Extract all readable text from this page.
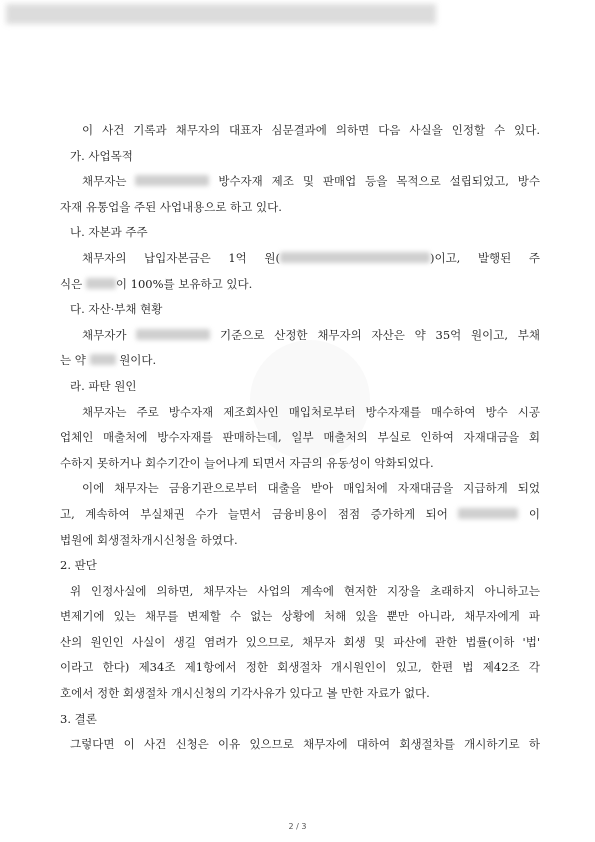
이 사건 기록과 채무자의 대표자 심문결과에 의하면 다음 사실을 인정할 수 있다.
가. 사업목적
채무자는	방수자재 제조 및 판매업 등을 목적으로 설립되었고, 방수
자재 유통업을 주된 사업내용으로 하고 있다.
나. 자본과 주주
채무자의 납입자본금은 1억 원(	)이고, 발행된 주
식은	이 100%를 보유하고 있다.
다. 자산·부채 현황
채무자가	기준으로 산정한 채무자의 자산은 약 35억 원이고, 부채
는 약	원이다.
라. 파탄 원인
채무자는 주로 방수자재 제조회사인 매입처로부터 방수자재를 매수하여 방수 시공
업체인 매출처에 방수자재를 판매하는데, 일부 매출처의 부실로 인하여 자재대금을 회
수하지 못하거나 회수기간이 늘어나게 되면서 자금의 유동성이 악화되었다.
이에 채무자는 금융기관으로부터 대출을 받아 매입처에 자재대금을 지급하게 되었
고, 계속하여 부실채권 수가 늘면서 금융비용이 점점 증가하게 되어	이
법원에 회생절차개시신청을 하였다.
2. 판단
위 인정사실에 의하면, 채무자는 사업의 계속에 현저한 지장을 초래하지 아니하고는
변제기에 있는 채무를 변제할 수 없는 상황에 처해 있을 뿐만 아니라, 채무자에게 파
산의 원인인 사실이 생길 염려가 있으므로, 채무자 회생 및 파산에 관한 법률(이하 '법'
이라고 한다) 제34조 제1항에서 정한 회생절차 개시원인이 있고, 한편 법 제42조 각
호에서 정한 회생절차 개시신청의 기각사유가 있다고 볼 만한 자료가 없다.
3. 결론
그렇다면 이 사건 신청은 이유 있으므로 채무자에 대하여 회생절차를 개시하기로 하
2 / 3
